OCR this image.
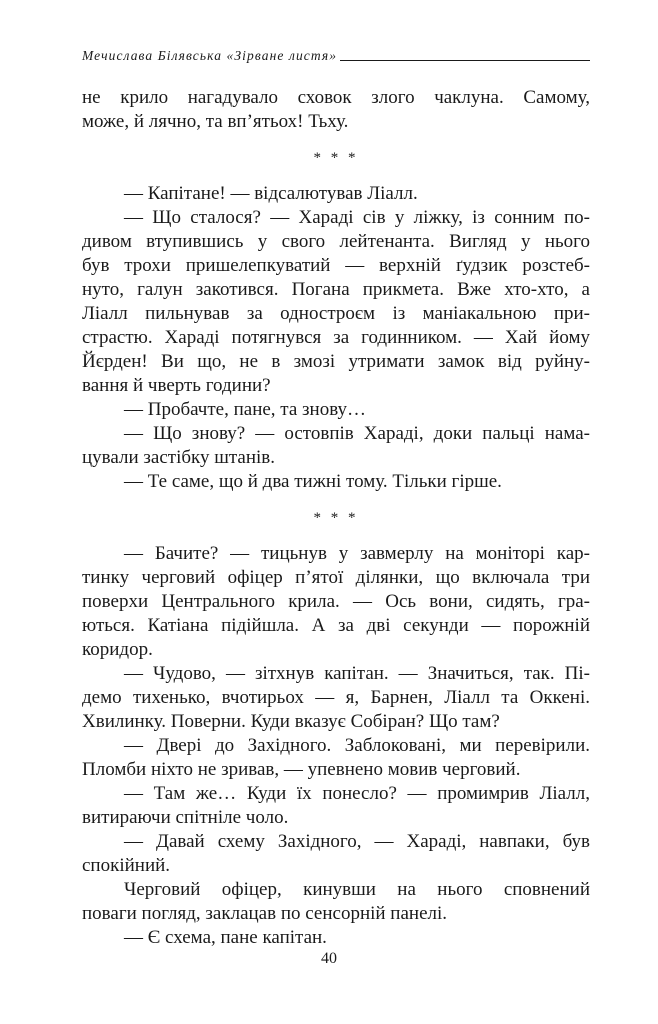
Мечислава Білявська «Зірване листя»

не крило нагадувало сховок злого чаклуна. Самому,

може, й лячно, та вп’ятьох! Тьху.

* * *

— Капітане! — відсалютував Ліалл.

— Що сталося? — Хараді сів у ліжку, із сонним по-

дивом втупившись у свого лейтенанта. Вигляд у нього

був трохи пришелепкуватий — верхній ґудзик розстеб-

нуто, галун закотився. Погана прикмета. Вже хто-хто, а

Ліалл пильнував за одностроєм із маніакальною при-

страстю. Хараді потягнувся за годинником. — Хай йому

Йєрден! Ви що, не в змозі утримати замок від руйну-

вання й чверть години?

— Пробачте, пане, та знову…

— Що знову? — остовпів Хараді, доки пальці нама-

цували застібку штанів.

— Те саме, що й два тижні тому. Тільки гірше.

* * *

— Бачите? — тицьнув у завмерлу на моніторі кар-

тинку черговий офіцер п’ятої ділянки, що включала три

поверхи Центрального крила. — Ось вони, сидять, гра-

ються. Катіана підійшла. А за дві секунди — порожній

коридор.

— Чудово, — зітхнув капітан. — Значиться, так. Пі-

демо тихенько, вчотирьох — я, Барнен, Ліалл та Оккені.

Хвилинку. Поверни. Куди вказує Собіран? Що там?

— Двері до Західного. Заблоковані, ми перевірили.

Пломби ніхто не зривав, — упевнено мовив черговий.

— Там же… Куди їх понесло? — промимрив Ліалл,

витираючи спітніле чоло.

— Давай схему Західного, — Хараді, навпаки, був

спокійний.

Черговий офіцер, кинувши на нього сповнений

поваги погляд, заклацав по сенсорній панелі.

— Є схема, пане капітан.

40
